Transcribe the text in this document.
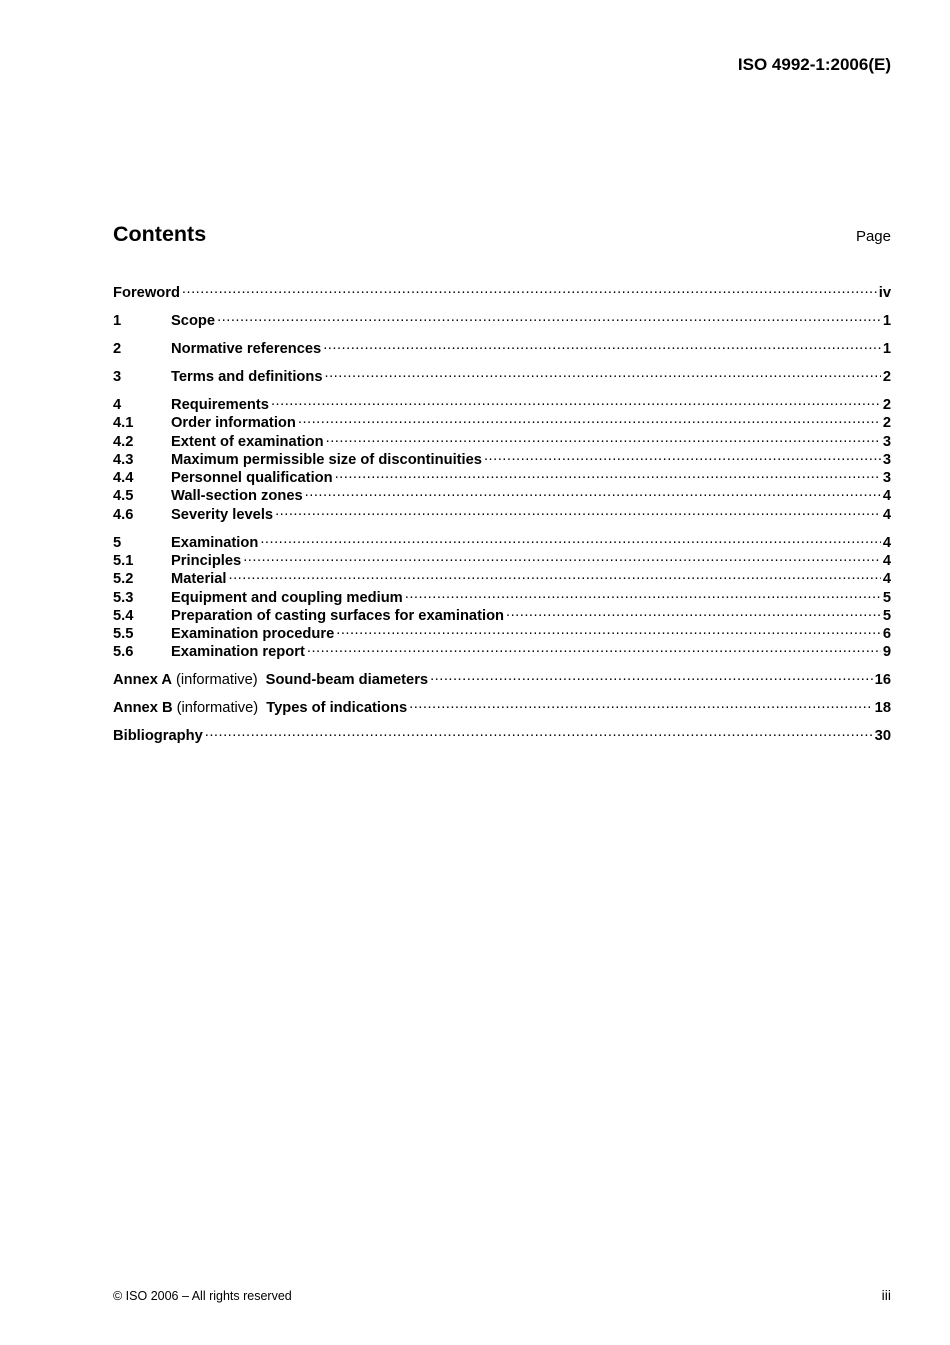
ISO 4992-1:2006(E)
Contents	Page
Foreword .....	iv
1	Scope .....	1
2	Normative references .....	1
3	Terms and definitions .....	2
4	Requirements .....	2
4.1	Order information .....	2
4.2	Extent of examination .....	3
4.3	Maximum permissible size of discontinuities .....	3
4.4	Personnel qualification .....	3
4.5	Wall-section zones .....	4
4.6	Severity levels .....	4
5	Examination .....	4
5.1	Principles .....	4
5.2	Material .....	4
5.3	Equipment and coupling medium .....	5
5.4	Preparation of casting surfaces for examination .....	5
5.5	Examination procedure .....	6
5.6	Examination report .....	9
Annex A (informative) Sound-beam diameters .....	16
Annex B (informative) Types of indications .....	18
Bibliography .....	30
© ISO 2006 – All rights reserved	iii
